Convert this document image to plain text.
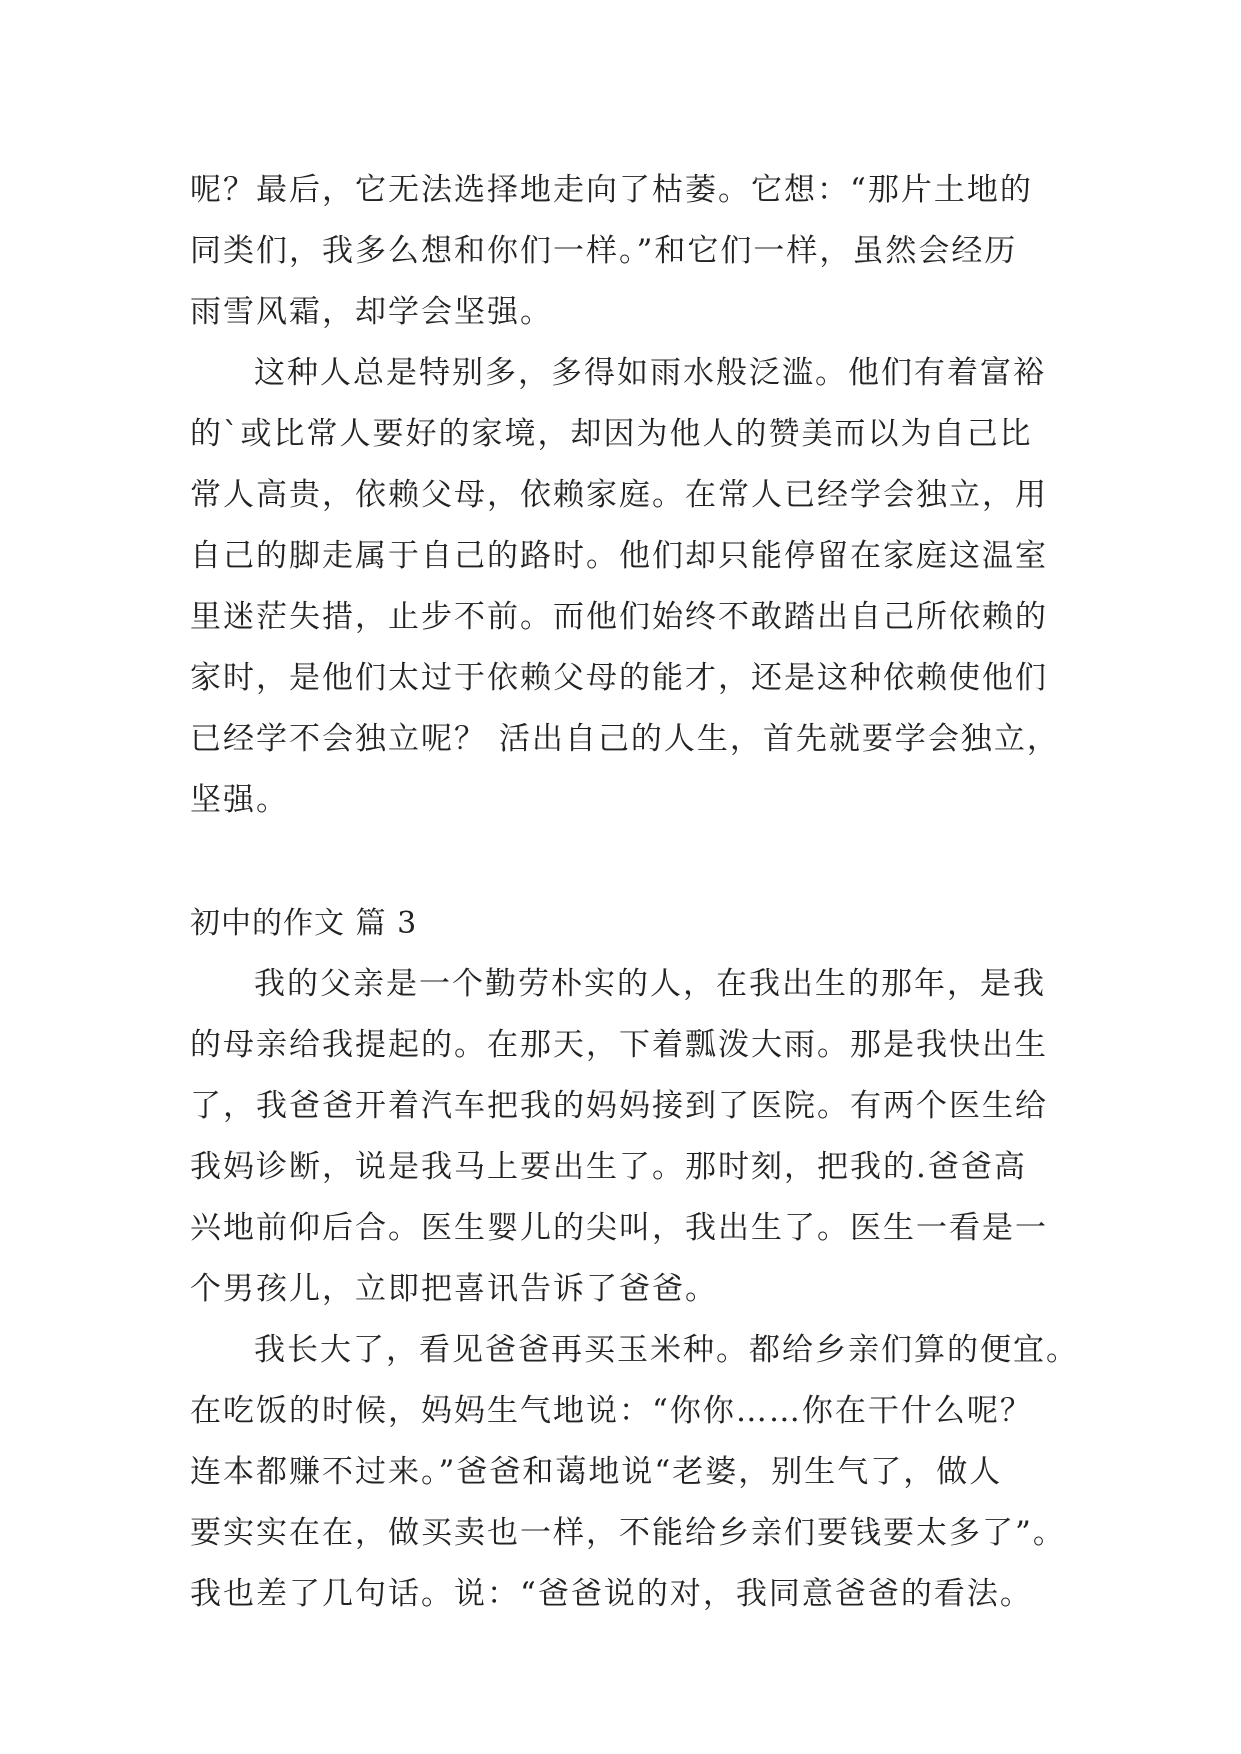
呢？最后，它无法选择地走向了枯萎。它想：“那片土地的
同类们，我多么想和你们一样。”和它们一样，虽然会经历
雨雪风霜，却学会坚强。
这种人总是特别多，多得如雨水般泛滥。他们有着富裕
的`或比常人要好的家境，却因为他人的赞美而以为自己比
常人高贵，依赖父母，依赖家庭。在常人已经学会独立，用
自己的脚走属于自己的路时。他们却只能停留在家庭这温室
里迷茫失措，止步不前。而他们始终不敢踏出自己所依赖的
家时，是他们太过于依赖父母的能才，还是这种依赖使他们
已经学不会独立呢？ 活出自己的人生，首先就要学会独立，
坚强。
初中的作文 篇 3
我的父亲是一个勤劳朴实的人，在我出生的那年，是我
的母亲给我提起的。在那天，下着瓢泼大雨。那是我快出生
了，我爸爸开着汽车把我的妈妈接到了医院。有两个医生给
我妈诊断，说是我马上要出生了。那时刻，把我的.爸爸高
兴地前仰后合。医生婴儿的尖叫，我出生了。医生一看是一
个男孩儿，立即把喜讯告诉了爸爸。
我长大了，看见爸爸再买玉米种。都给乡亲们算的便宜。
在吃饭的时候，妈妈生气地说：“你你……你在干什么呢？
连本都赚不过来。”爸爸和蔼地说“老婆，别生气了，做人
要实实在在，做买卖也一样，不能给乡亲们要钱要太多了”。
我也差了几句话。说：“爸爸说的对，我同意爸爸的看法。
